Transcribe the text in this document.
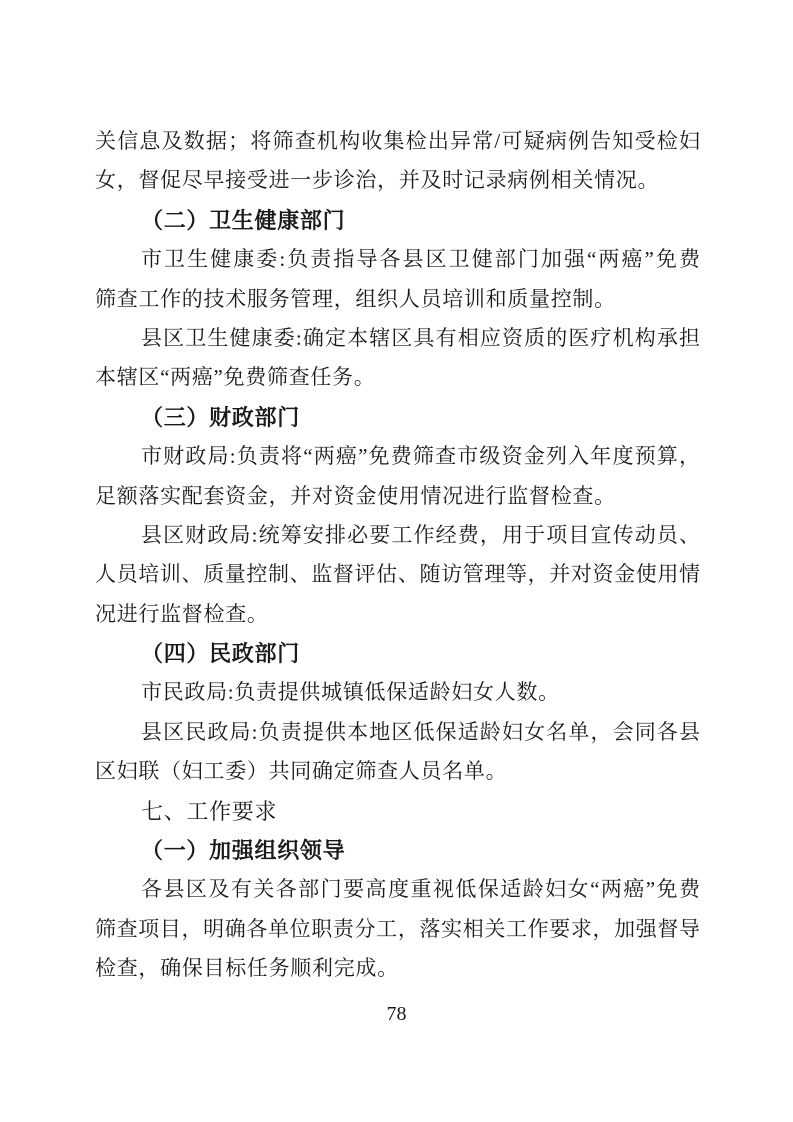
关信息及数据；将筛查机构收集检出异常/可疑病例告知受检妇
女，督促尽早接受进一步诊治，并及时记录病例相关情况。
（二）卫生健康部门
市卫生健康委:负责指导各县区卫健部门加强“两癌”免费
筛查工作的技术服务管理，组织人员培训和质量控制。
县区卫生健康委:确定本辖区具有相应资质的医疗机构承担
本辖区“两癌”免费筛查任务。
（三）财政部门
市财政局:负责将“两癌”免费筛查市级资金列入年度预算，
足额落实配套资金，并对资金使用情况进行监督检查。
县区财政局:统筹安排必要工作经费，用于项目宣传动员、
人员培训、质量控制、监督评估、随访管理等，并对资金使用情
况进行监督检查。
（四）民政部门
市民政局:负责提供城镇低保适龄妇女人数。
县区民政局:负责提供本地区低保适龄妇女名单，会同各县
区妇联（妇工委）共同确定筛查人员名单。
七、工作要求
（一）加强组织领导
各县区及有关各部门要高度重视低保适龄妇女“两癌”免费
筛查项目，明确各单位职责分工，落实相关工作要求，加强督导
检查，确保目标任务顺利完成。
78
